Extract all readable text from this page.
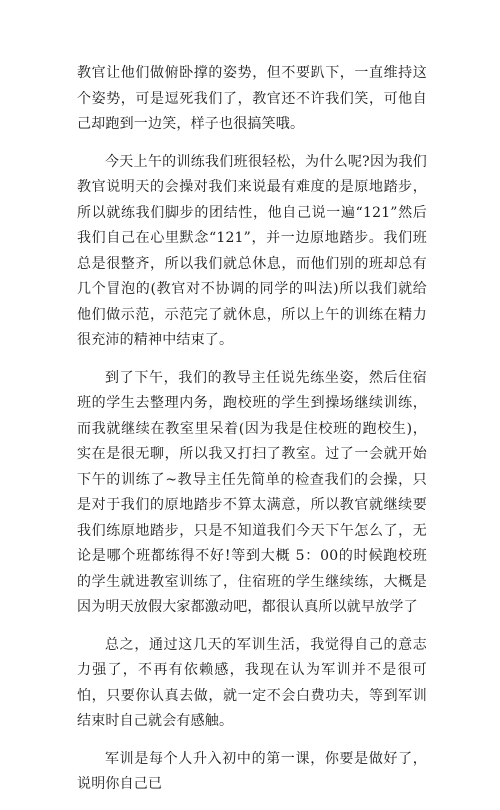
教官让他们做俯卧撑的姿势，但不要趴下，一直维持这个姿势，可是逗死我们了，教官还不许我们笑，可他自己却跑到一边笑，样子也很搞笑哦。

今天上午的训练我们班很轻松，为什么呢?因为我们教官说明天的会操对我们来说最有难度的是原地踏步，所以就练我们脚步的团结性，他自己说一遍“121”然后我们自己在心里默念“121”，并一边原地踏步。我们班总是很整齐，所以我们就总休息，而他们别的班却总有几个冒泡的(教官对不协调的同学的叫法)所以我们就给他们做示范，示范完了就休息，所以上午的训练在精力很充沛的精神中结束了。

到了下午，我们的教导主任说先练坐姿，然后住宿班的学生去整理内务，跑校班的学生到操场继续训练，而我就继续在教室里呆着(因为我是住校班的跑校生)，实在是很无聊，所以我又打扫了教室。过了一会就开始下午的训练了~教导主任先简单的检查我们的会操，只是对于我们的原地踏步不算太满意，所以教官就继续要我们练原地踏步，只是不知道我们今天下午怎么了，无论是哪个班都练得不好!等到大概 5：00的时候跑校班的学生就进教室训练了，住宿班的学生继续练，大概是因为明天放假大家都激动吧，都很认真所以就早放学了

总之，通过这几天的军训生活，我觉得自己的意志力强了，不再有依赖感，我现在认为军训并不是很可怕，只要你认真去做，就一定不会白费功夫，等到军训结束时自己就会有感触。

军训是每个人升入初中的第一课，你要是做好了，说明你自己已
